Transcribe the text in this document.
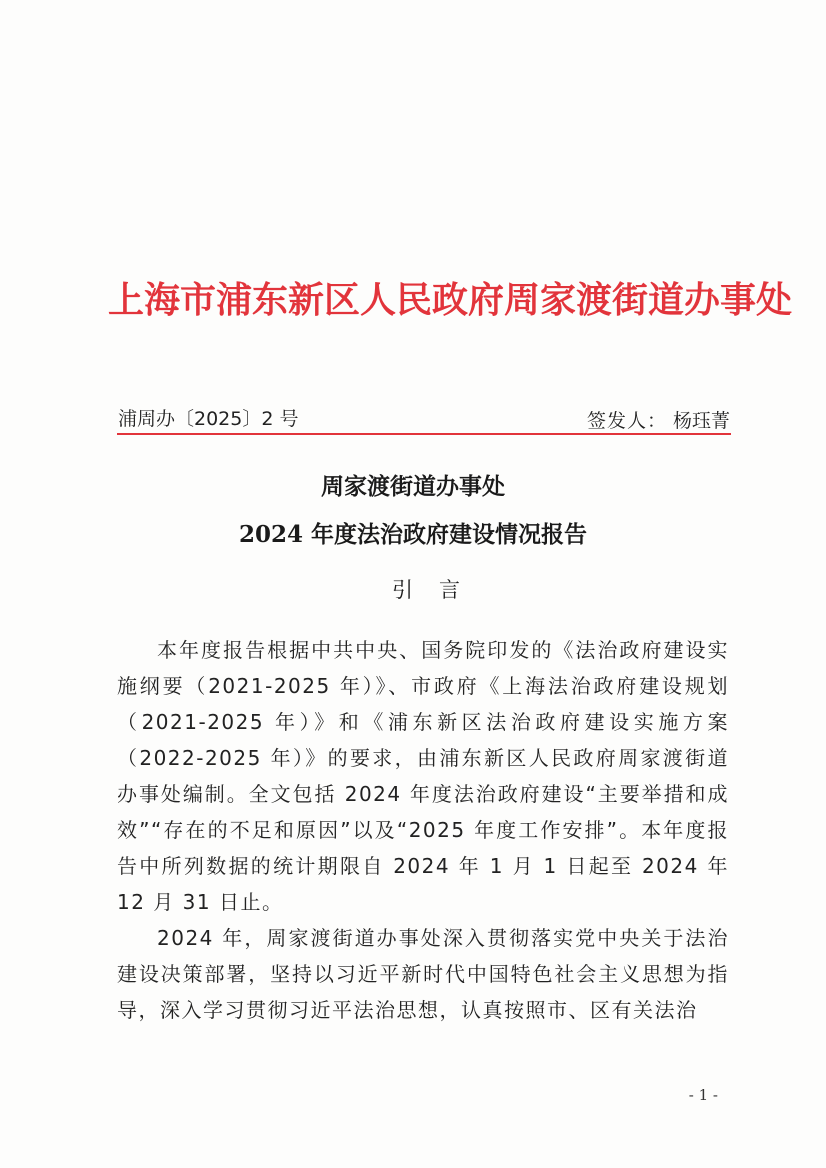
上海市浦东新区人民政府周家渡街道办事处
浦周办〔2025〕2 号	签发人： 杨珏菁
周家渡街道办事处
2024 年度法治政府建设情况报告
引言

本年度报告根据中共中央、国务院印发的《法治政府建设实施纲要（2021-2025 年）》、市政府《上海法治政府建设规划（2021-2025 年）》和《浦东新区法治政府建设实施方案（2022-2025 年）》的要求，由浦东新区人民政府周家渡街道办事处编制。全文包括 2024 年度法治政府建设“主要举措和成效”“存在的不足和原因”以及“2025 年度工作安排”。本年度报告中所列数据的统计期限自 2024 年 1 月 1 日起至 2024 年 12 月 31 日止。

2024 年，周家渡街道办事处深入贯彻落实党中央关于法治建设决策部署，坚持以习近平新时代中国特色社会主义思想为指导，深入学习贯彻习近平法治思想，认真按照市、区有关法治

- 1 -
